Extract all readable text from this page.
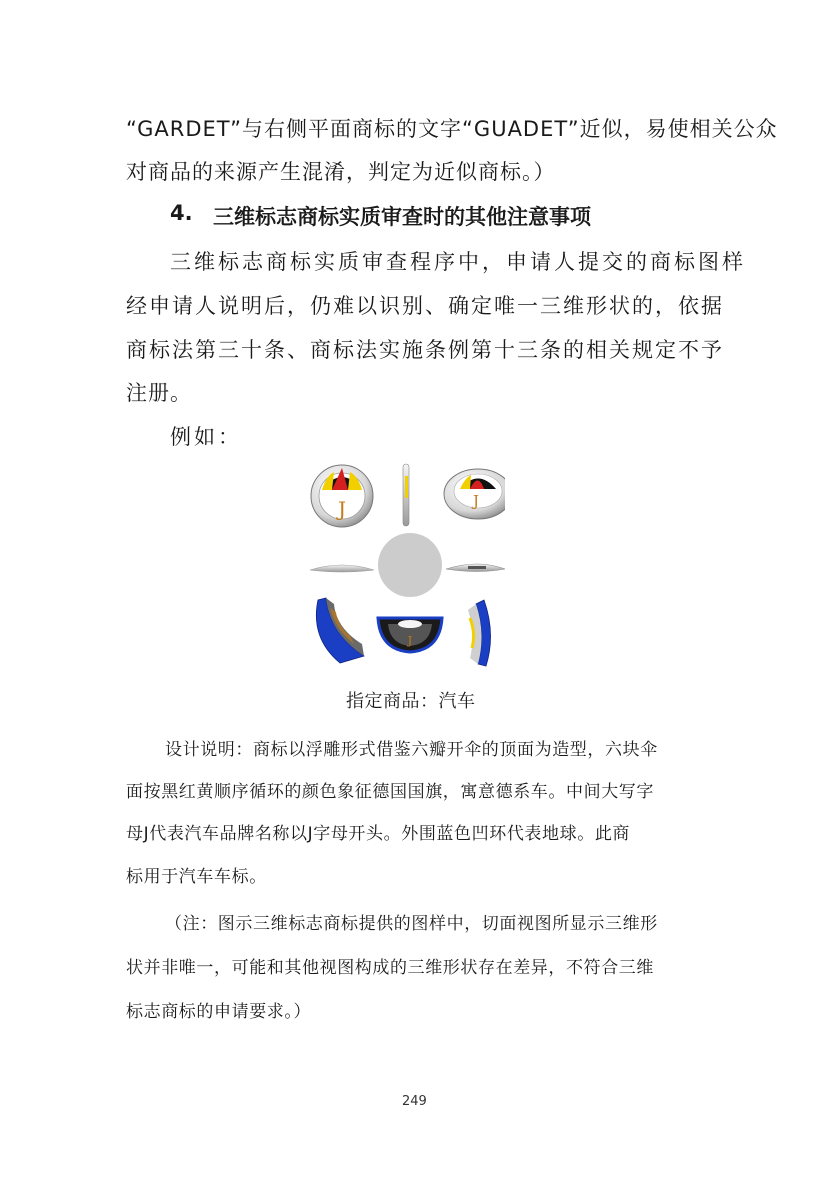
“GARDET”与右侧平面商标的文字“GUADET”近似，易使相关公众
对商品的来源产生混淆，判定为近似商标。）
4. 三维标志商标实质审查时的其他注意事项
三维标志商标实质审查程序中，申请人提交的商标图样
经申请人说明后，仍难以识别、确定唯一三维形状的，依据
商标法第三十条、商标法实施条例第十三条的相关规定不予
注册。
例如：
J	J
J
指定商品：汽车
设计说明：商标以浮雕形式借鉴六瓣开伞的顶面为造型，六块伞
面按黑红黄顺序循环的颜色象征德国国旗，寓意德系车。中间大写字
母J代表汽车品牌名称以J字母开头。外围蓝色凹环代表地球。此商
标用于汽车车标。
（注：图示三维标志商标提供的图样中，切面视图所显示三维形
状并非唯一，可能和其他视图构成的三维形状存在差异，不符合三维
标志商标的申请要求。）
249
